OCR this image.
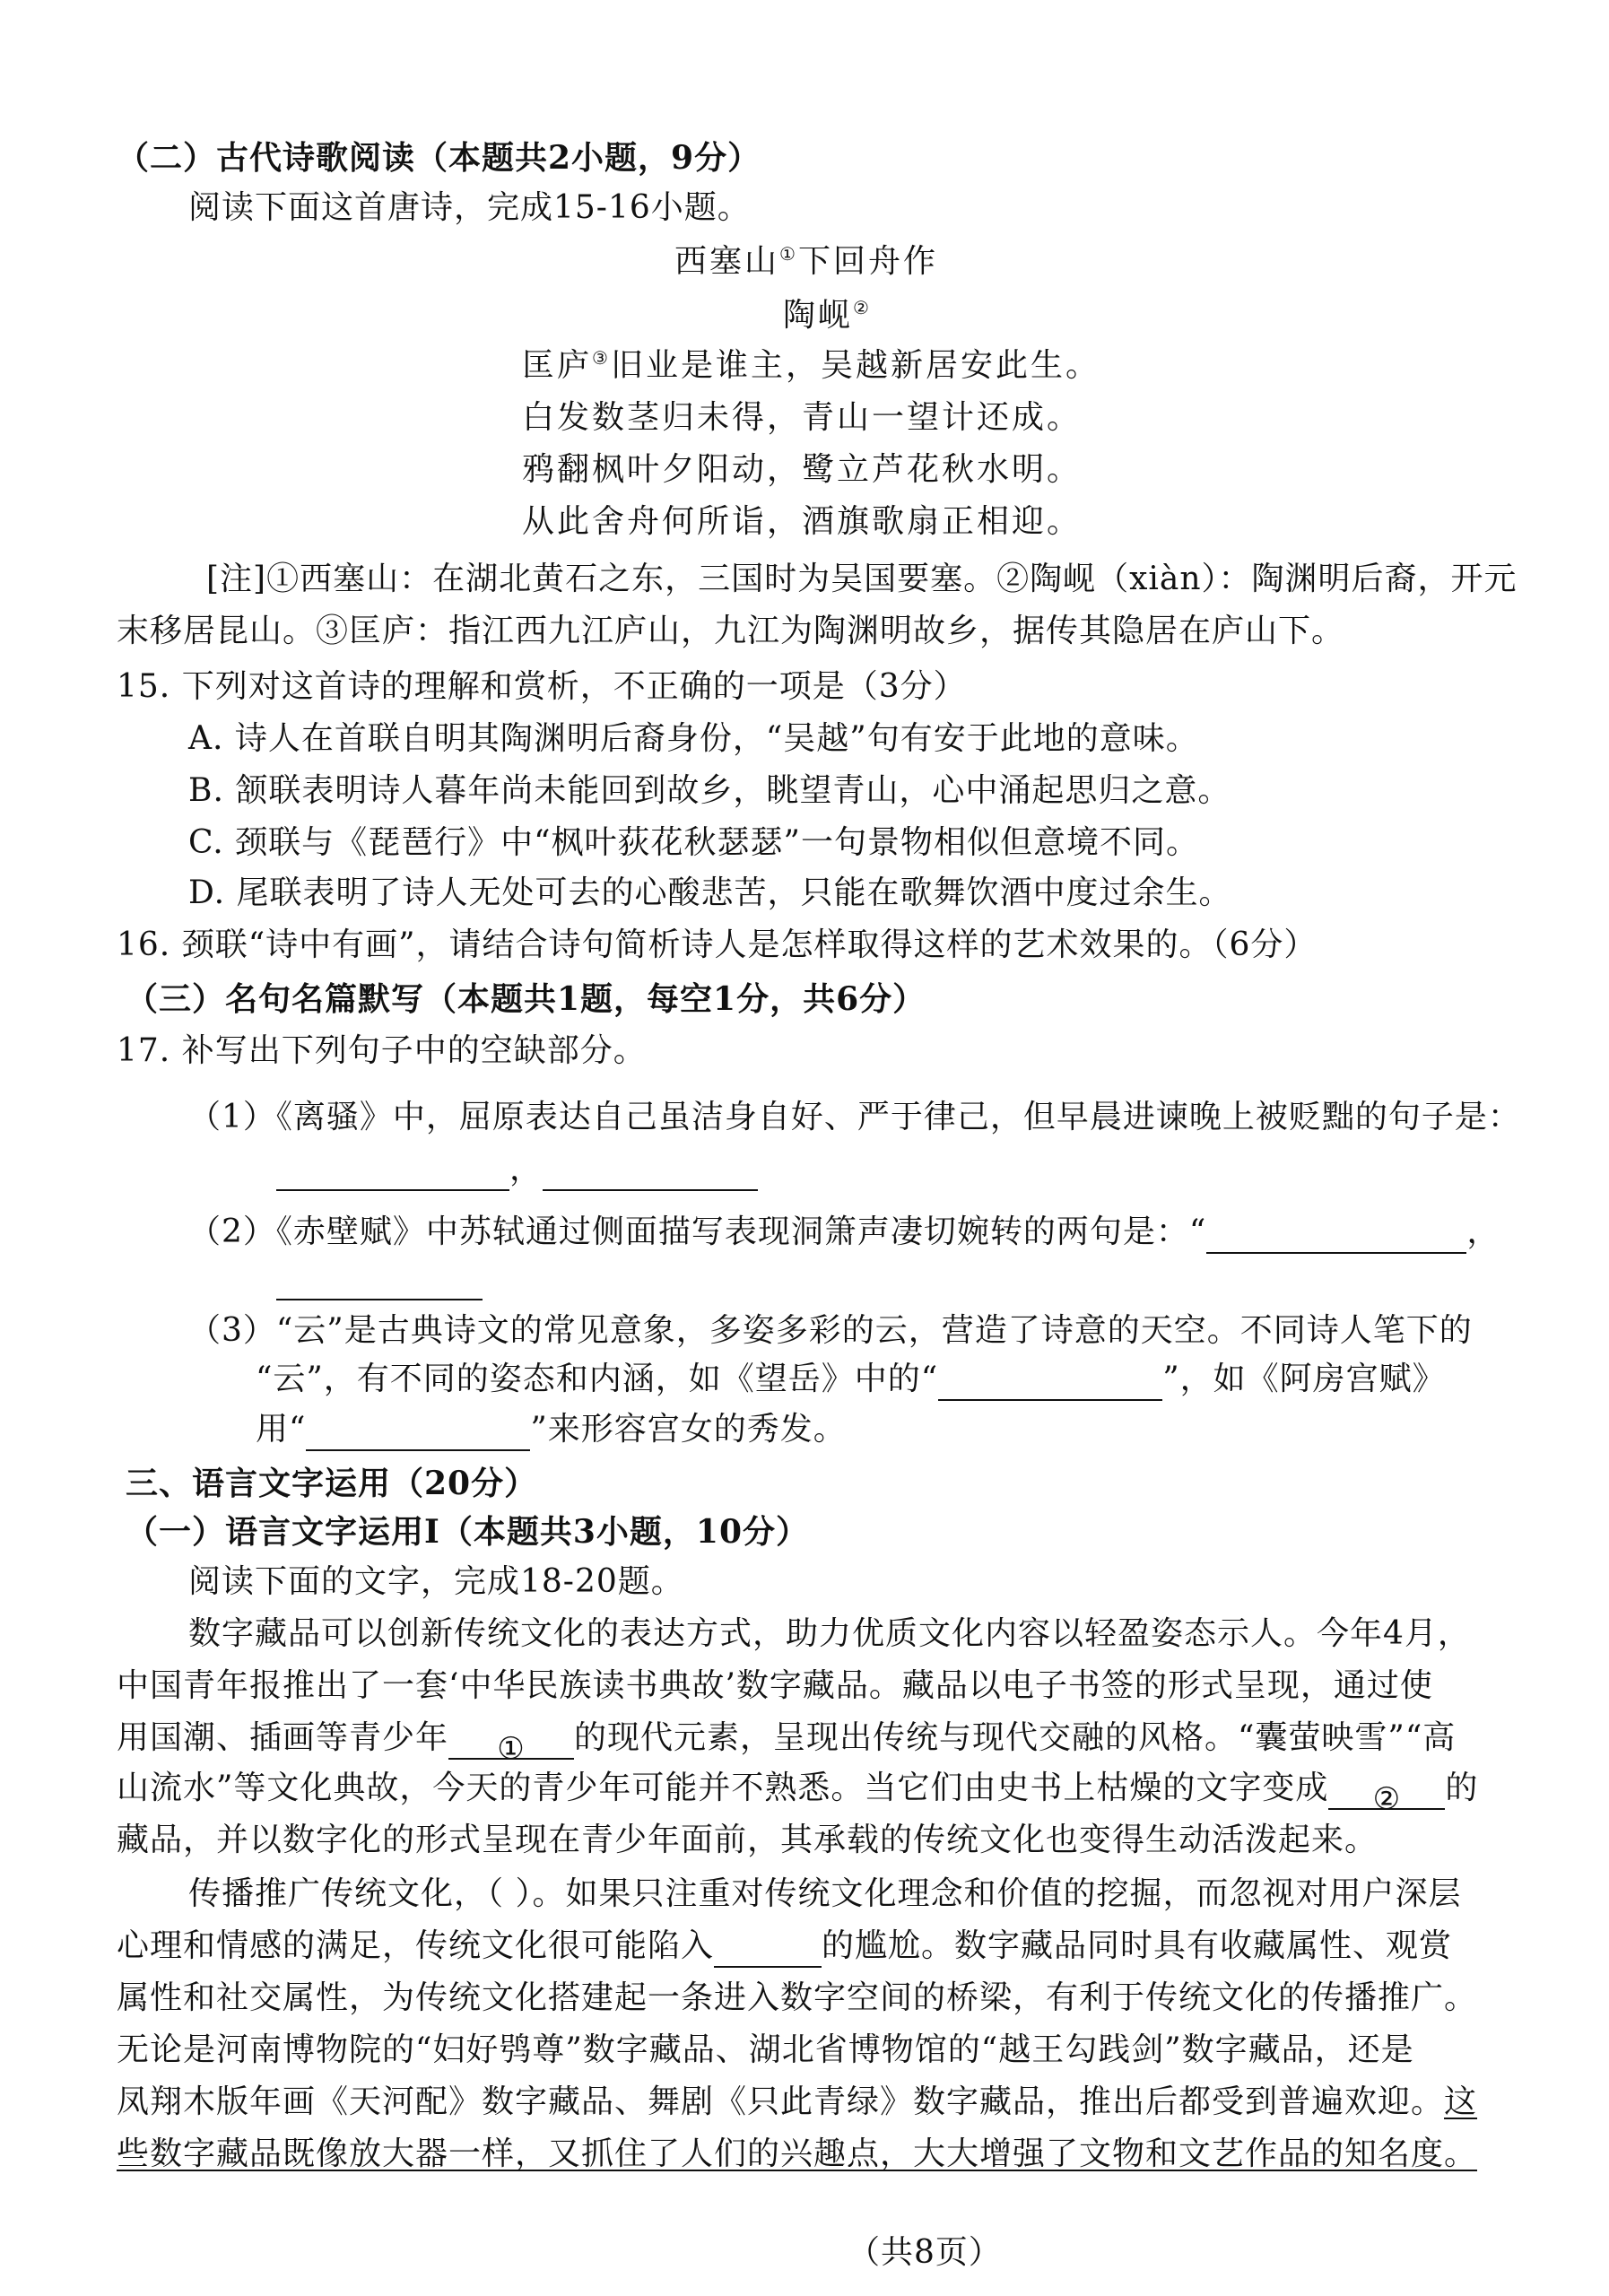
（二）古代诗歌阅读（本题共2小题，9分）
阅读下面这首唐诗，完成15-16小题。
西塞山①下回舟作
陶岘②
匡庐③旧业是谁主，吴越新居安此生。
白发数茎归未得，青山一望计还成。
鸦翻枫叶夕阳动，鹭立芦花秋水明。
从此舍舟何所诣，酒旗歌扇正相迎。
[注]①西塞山：在湖北黄石之东，三国时为吴国要塞。②陶岘（xiàn）：陶渊明后裔，开元
末移居昆山。③匡庐：指江西九江庐山，九江为陶渊明故乡，据传其隐居在庐山下。
15. 下列对这首诗的理解和赏析，不正确的一项是（3分）
A. 诗人在首联自明其陶渊明后裔身份，“吴越”句有安于此地的意味。
B. 颔联表明诗人暮年尚未能回到故乡，眺望青山，心中涌起思归之意。
C. 颈联与《琵琶行》中“枫叶荻花秋瑟瑟”一句景物相似但意境不同。
D. 尾联表明了诗人无处可去的心酸悲苦，只能在歌舞饮酒中度过余生。
16. 颈联“诗中有画”，请结合诗句简析诗人是怎样取得这样的艺术效果的。（6分）
（三）名句名篇默写（本题共1题，每空1分，共6分）
17. 补写出下列句子中的空缺部分。
（1）《离骚》中，屈原表达自己虽洁身自好、严于律己，但早晨进谏晚上被贬黜的句子是：
，
（2）《赤壁赋》中苏轼通过侧面描写表现洞箫声凄切婉转的两句是：“	，
（3）“云”是古典诗文的常见意象，多姿多彩的云，营造了诗意的天空。不同诗人笔下的
“云”，有不同的姿态和内涵，如《望岳》中的“	”，如《阿房宫赋》
用“	”来形容宫女的秀发。
三、语言文字运用（20分）
（一）语言文字运用Ⅰ（本题共3小题，10分）
阅读下面的文字，完成18-20题。
数字藏品可以创新传统文化的表达方式，助力优质文化内容以轻盈姿态示人。今年4月，
中国青年报推出了一套‘中华民族读书典故’数字藏品。藏品以电子书签的形式呈现，通过使
用国潮、插画等青少年 ① 的现代元素，呈现出传统与现代交融的风格。“囊萤映雪”“高
山流水”等文化典故，今天的青少年可能并不熟悉。当它们由史书上枯燥的文字变成 ② 的
藏品，并以数字化的形式呈现在青少年面前，其承载的传统文化也变得生动活泼起来。
传播推广传统文化，（ ）。如果只注重对传统文化理念和价值的挖掘，而忽视对用户深层
心理和情感的满足，传统文化很可能陷入	的尴尬。数字藏品同时具有收藏属性、观赏
属性和社交属性，为传统文化搭建起一条进入数字空间的桥梁，有利于传统文化的传播推广。
无论是河南博物院的“妇好鸮尊”数字藏品、湖北省博物馆的“越王勾践剑”数字藏品，还是
凤翔木版年画《天河配》数字藏品、舞剧《只此青绿》数字藏品，推出后都受到普遍欢迎。这
些数字藏品既像放大器一样，又抓住了人们的兴趣点，大大增强了文物和文艺作品的知名度。
（共8页）
